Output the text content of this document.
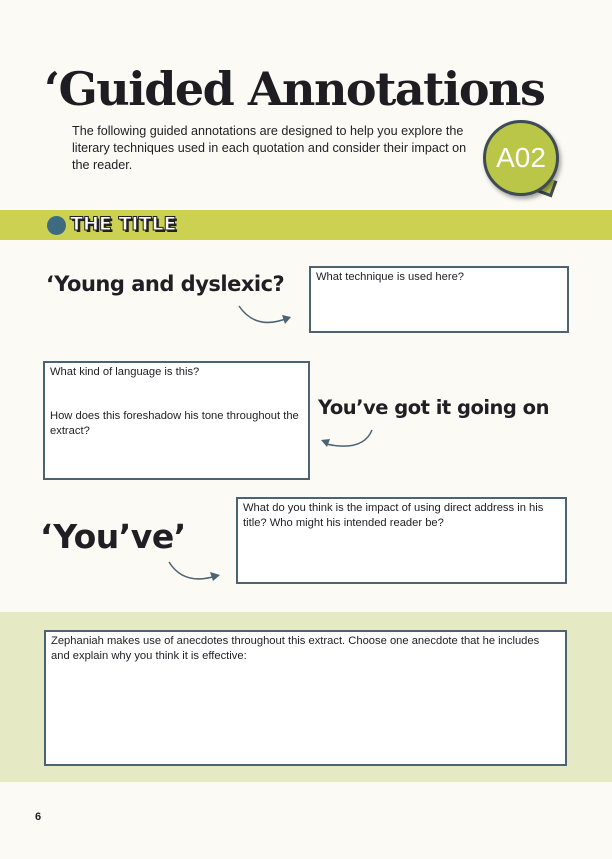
‘Guided Annotations
The following guided annotations are designed to help you explore the literary techniques used in each quotation and consider their impact on the reader.	A02
THE TITLE
‘Young and dyslexic?	What technique is used here?
What kind of language is this?
How does this foreshadow his tone throughout the extract?
You’ve got it going on
‘You’ve’
What do you think is the impact of using direct address in his title? Who might his intended reader be?
Zephaniah makes use of anecdotes throughout this extract. Choose one anecdote that he includes and explain why you think it is effective:
6
